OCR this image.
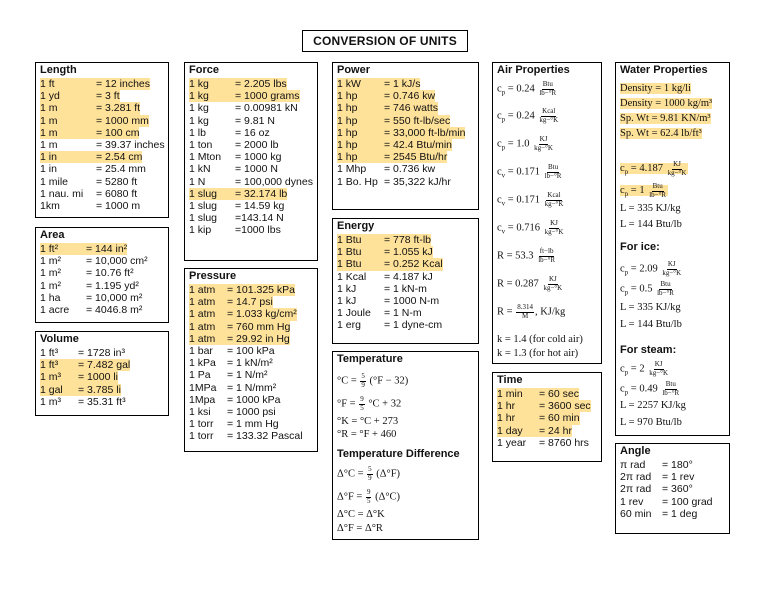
CONVERSION OF UNITS
Length
1 ft	= 12 inches
1 yd	= 3 ft
1 m	= 3.281 ft
1 m	= 1000 mm
1 m	= 100 cm
1 m	= 39.37 inches
1 in	= 2.54 cm
1 in	= 25.4 mm
1 mile	= 5280 ft
1 nau. mi	= 6080 ft
1km	= 1000 m
Area
1 ft²	= 144 in²
1 m²	= 10,000 cm²
1 m²	= 10.76 ft²
1 m²	= 1.195 yd²
1 ha	= 10,000 m²
1 acre	= 4046.8 m²
Volume
1 ft³	= 1728 in³
1 ft³	= 7.482 gal
1 m³	= 1000 li
1 gal	= 3.785 li
1 m³	= 35.31 ft³
Force
1 kg	= 2.205 lbs
1 kg	= 1000 grams
1 kg	= 0.00981 kN
1 kg	= 9.81 N
1 lb	= 16 oz
1 ton	= 2000 lb
1 Mton	= 1000 kg
1 kN	= 1000 N
1 N	= 100,000 dynes
1 slug	= 32.174 lb
1 slug	= 14.59 kg
1 slug	=143.14 N
1 kip	=1000 lbs
Pressure
1 atm	= 101.325 kPa
1 atm	= 14.7 psi
1 atm	= 1.033 kg/cm²
1 atm	= 760 mm Hg
1 atm	= 29.92 in Hg
1 bar	= 100 kPa
1 kPa	= 1 kN/m²
1 Pa	= 1 N/m²
1MPa	= 1 N/mm²
1Mpa	= 1000 kPa
1 ksi	= 1000 psi
1 torr	= 1 mm Hg
1 torr	= 133.32 Pascal
Power
1 kW	= 1 kJ/s
1 hp	= 0.746 kw
1 hp	= 746 watts
1 hp	= 550 ft-lb/sec
1 hp	= 33,000 ft-lb/min
1 hp	= 42.4 Btu/min
1 hp	= 2545 Btu/hr
1 Mhp	= 0.736 kw
1 Bo. Hp = 35,322 kJ/hr
Energy
1 Btu	= 778 ft-lb
1 Btu	= 1.055 kJ
1 Btu	= 0.252 Kcal
1 Kcal	= 4.187 kJ
1 kJ	= 1 kN-m
1 kJ	= 1000 N-m
1 Joule	= 1 N-m
1 erg	= 1 dyne-cm
Temperature
$^\circ C = \frac{5}{9} (^\circ F - 32)$
$^\circ F = \frac{9}{5} ^\circ C + 32$
°K = °C + 273
°R = °F + 460
Temperature Difference
$\Delta^\circ C = \frac{5}{9} (\Delta^\circ F)$
$\Delta^\circ F = \frac{9}{5} (\Delta^\circ C)$
Δ°C = Δ°K
Δ°F = Δ°R
Air Properties
$c_p = 0.24$ Btu
lb−°R
$c_p = 0.24$ Kcal
kg−°K
$c_p = 1.0 \frac{KJ}{kg-^\circ K}$
$c_v = 0.171$ Btu
lb−°R
$c_v = 0.171$ Kcal
kg−°K
$c_v = 0.716 \frac{KJ}{kg-^\circ K}$
$R = 53.3 \frac{ft-lb}{lb-^\circ R}$
$R = 0.287 \frac{KJ}{kg-^\circ K}$
$R = \frac{8.314}{M}$ , KJ/kg
k = 1.4 (for cold air)
k = 1.3 (for hot air)
Time
1 min	= 60 sec
1 hr	= 3600 sec
1 hr	= 60 min
1 day	= 24 hr
1 year	= 8760 hrs
Water Properties
Density = 1 kg/li
Density = 1000 kg/m³
Sp. Wt = 9.81 KN/m³
Sp. Wt = 62.4 lb/ft³
$c_p = 4.187 \frac{KJ}{kg-^\circ K}$
$c_p = 1$ Btu
lb−°R
L = 335 KJ/kg
L = 144 Btu/lb
For ice:
$c_p = 2.09 \frac{KJ}{kg-^\circ K}$
$c_p = 0.5$ Btu
lb−°R
L = 335 KJ/kg
L = 144 Btu/lb
For steam:
$c_p = 2 \frac{KJ}{kg-^\circ K}$
$c_p = 0.49$ Btu
lb−°R
L = 2257 KJ/kg
L = 970 Btu/lb
Angle
π rad	= 180°
2π rad	= 1 rev
2π rad	= 360°
1 rev	= 100 grad
60 min = 1 deg
